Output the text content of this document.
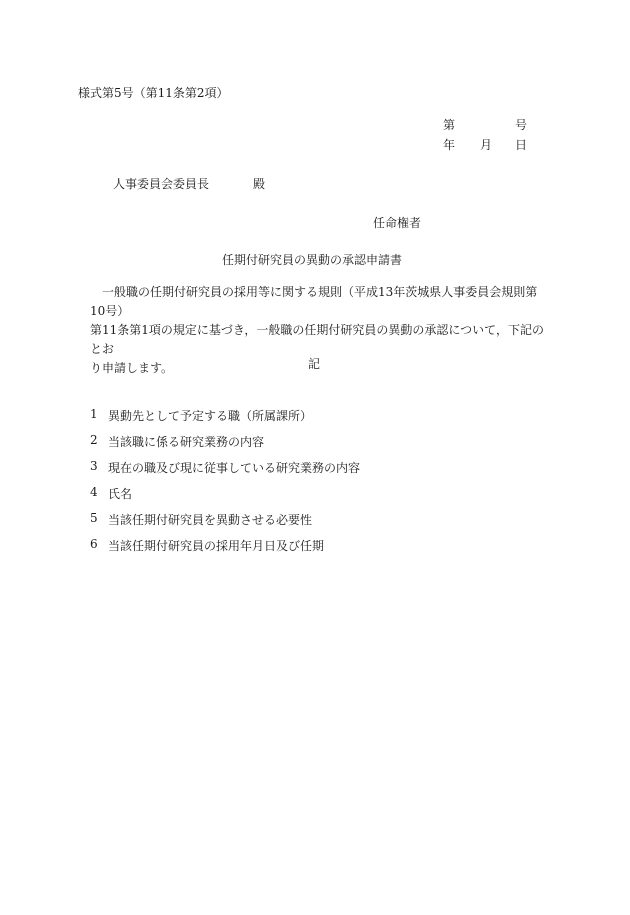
様式第5号（第11条第2項）
第	号
年 月 日
人事委員会委員長	殿
任命権者
任期付研究員の異動の承認申請書
一般職の任期付研究員の採用等に関する規則（平成13年茨城県人事委員会規則第10号）
第11条第1項の規定に基づき，一般職の任期付研究員の異動の承認について，下記のとお
り申請します。	記
1 異動先として予定する職（所属課所）
2 当該職に係る研究業務の内容
3 現在の職及び現に従事している研究業務の内容
4 氏名
5 当該任期付研究員を異動させる必要性
6 当該任期付研究員の採用年月日及び任期
